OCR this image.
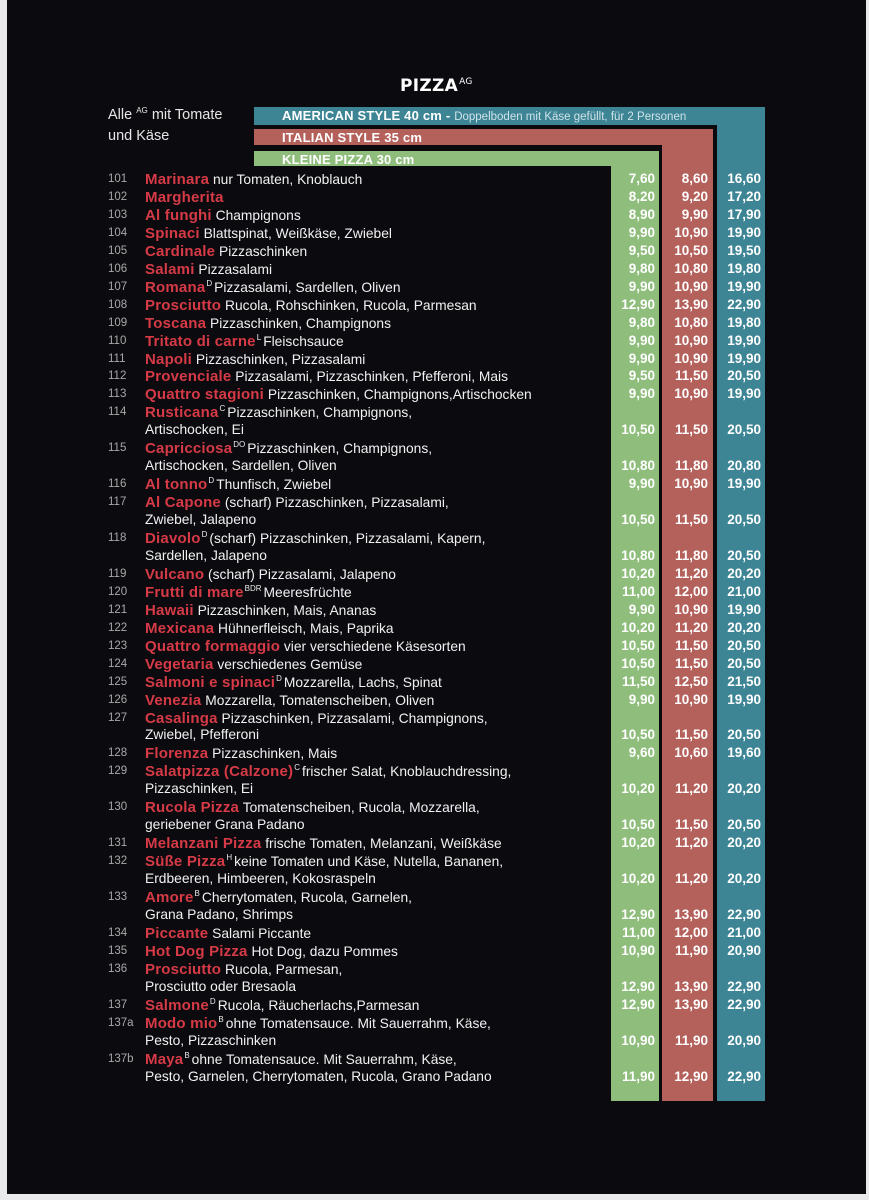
$PIZZA^{AG}$
Alle $^{AG}$ mit Tomate
und Käse
AMERICAN STYLE 40 cm - Doppelboden mit Käse gefüllt, für 2 Personen
ITALIAN STYLE 35 cm
KLEINE PIZZA 30 cm
101	Marinara nur Tomaten, Knoblauch	7,60	8,60	16,60
102	Margherita	8,20	9,20	17,20
103	Al funghi Champignons	8,90	9,90	17,90
104	Spinaci Blattspinat, Weißkäse, Zwiebel	9,90	10,90	19,90
105	Cardinale Pizzaschinken	9,50	10,50	19,50
106	Salami Pizzasalami	9,80	10,80	19,80
107	Romana$^D$ Pizzasalami, Sardellen, Oliven	9,90	10,90	19,90
108	Prosciutto Rucola, Rohschinken, Rucola, Parmesan	12,90	13,90	22,90
109	Toscana Pizzaschinken, Champignons	9,80	10,80	19,80
110	Tritato di carne$^L$ Fleischsauce	9,90	10,90	19,90
111	Napoli Pizzaschinken, Pizzasalami	9,90	10,90	19,90
112	Provenciale Pizzasalami, Pizzaschinken, Pfefferoni, Mais	9,50	11,50	20,50
113	Quattro stagioni Pizzaschinken, Champignons,Artischocken	9,90	10,90	19,90
114	Rusticana$^C$ Pizzaschinken, Champignons,
Artischocken, Ei	10,50	11,50	20,50
115	Capricciosa$^{DO}$ Pizzaschinken, Champignons,
Artischocken, Sardellen, Oliven	10,80	11,80	20,80
116	Al tonno$^D$ Thunfisch, Zwiebel	9,90	10,90	19,90
117	Al Capone (scharf) Pizzaschinken, Pizzasalami,
Zwiebel, Jalapeno	10,50	11,50	20,50
118	Diavolo$^D$ (scharf) Pizzaschinken, Pizzasalami, Kapern,
Sardellen, Jalapeno	10,80	11,80	20,50
119	Vulcano (scharf) Pizzasalami, Jalapeno	10,20	11,20	20,20
120	Frutti di mare$^{BDR}$ Meeresfrüchte	11,00	12,00	21,00
121	Hawaii Pizzaschinken, Mais, Ananas	9,90	10,90	19,90
122	Mexicana Hühnerfleisch, Mais, Paprika	10,20	11,20	20,20
123	Quattro formaggio vier verschiedene Käsesorten	10,50	11,50	20,50
124	Vegetaria verschiedenes Gemüse	10,50	11,50	20,50
125	Salmoni e spinaci$^D$ Mozzarella, Lachs, Spinat	11,50	12,50	21,50
126	Venezia Mozzarella, Tomatenscheiben, Oliven	9,90	10,90	19,90
127	Casalinga Pizzaschinken, Pizzasalami, Champignons,
Zwiebel, Pfefferoni	10,50	11,50	20,50
128	Florenza Pizzaschinken, Mais	9,60	10,60	19,60
129	Salatpizza (Calzone)$^C$ frischer Salat, Knoblauchdressing,
Pizzaschinken, Ei	10,20	11,20	20,20
130	Rucola Pizza Tomatenscheiben, Rucola, Mozzarella,
geriebener Grana Padano	10,50	11,50	20,50
131	Melanzani Pizza frische Tomaten, Melanzani, Weißkäse	10,20	11,20	20,20
132	Süße Pizza$^H$ keine Tomaten und Käse, Nutella, Bananen,
Erdbeeren, Himbeeren, Kokosraspeln	10,20	11,20	20,20
133	Amore$^B$ Cherrytomaten, Rucola, Garnelen,
Grana Padano, Shrimps	12,90	13,90	22,90
134	Piccante Salami Piccante	11,00	12,00	21,00
135	Hot Dog Pizza Hot Dog, dazu Pommes	10,90	11,90	20,90
136	Prosciutto Rucola, Parmesan,
Prosciutto oder Bresaola	12,90	13,90	22,90
137	Salmone$^D$ Rucola, Räucherlachs,Parmesan	12,90	13,90	22,90
137a Modo mio$^B$ ohne Tomatensauce. Mit Sauerrahm, Käse,
Pesto, Pizzaschinken	10,90	11,90	20,90
137b Maya$^B$ ohne Tomatensauce. Mit Sauerrahm, Käse,
Pesto, Garnelen, Cherrytomaten, Rucola, Grano Padano	11,90	12,90	22,90
